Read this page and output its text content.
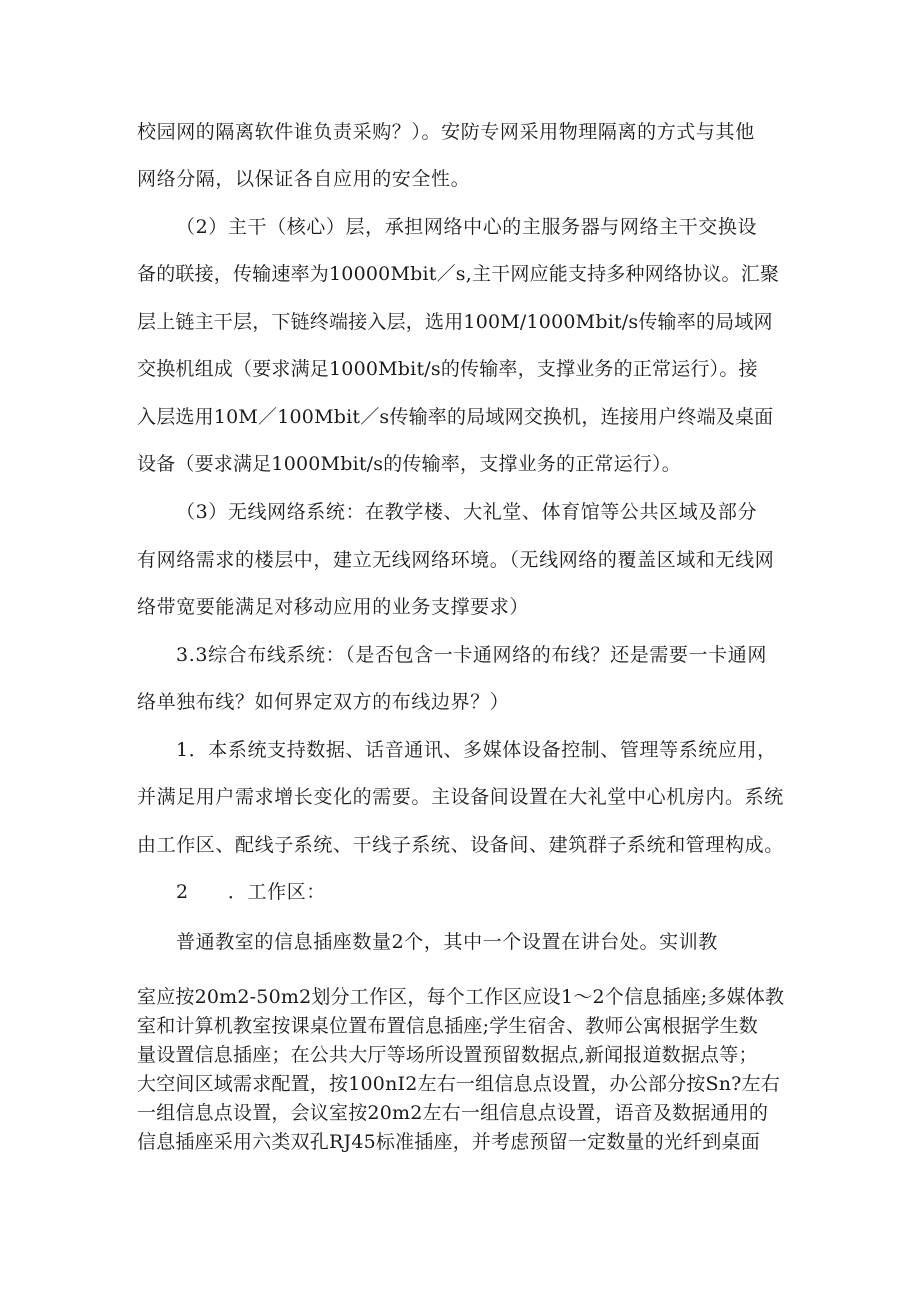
校园网的隔离软件谁负责采购？）。安防专网采用物理隔离的方式与其他
网络分隔，以保证各自应用的安全性。
（2）主干（核心）层，承担网络中心的主服务器与网络主干交换设
备的联接，传输速率为10000Mbit／s,主干网应能支持多种网络协议。汇聚
层上链主干层，下链终端接入层，选用100M/1000Mbit/s传输率的局域网
交换机组成（要求满足1000Mbit/s的传输率，支撑业务的正常运行）。接
入层选用10M／100Mbit／s传输率的局域网交换机，连接用户终端及桌面
设备（要求满足1000Mbit/s的传输率，支撑业务的正常运行）。
（3）无线网络系统：在教学楼、大礼堂、体育馆等公共区域及部分
有网络需求的楼层中，建立无线网络环境。（无线网络的覆盖区域和无线网
络带宽要能满足对移动应用的业务支撑要求）
3.3综合布线系统：（是否包含一卡通网络的布线？还是需要一卡通网
络单独布线？如何界定双方的布线边界？）
1．本系统支持数据、话音通讯、多媒体设备控制、管理等系统应用，
并满足用户需求增长变化的需要。主设备间设置在大礼堂中心机房内。系统
由工作区、配线子系统、干线子系统、设备间、建筑群子系统和管理构成。
2　　．工作区：
普通教室的信息插座数量2个，其中一个设置在讲台处。实训教
室应按20m2-50m2划分工作区，每个工作区应设1～2个信息插座;多媒体教
室和计算机教室按课桌位置布置信息插座;学生宿舍、教师公寓根据学生数
量设置信息插座；在公共大厅等场所设置预留数据点,新闻报道数据点等；
大空间区域需求配置，按100nI2左右一组信息点设置，办公部分按Sn?左右
一组信息点设置，会议室按20m2左右一组信息点设置，语音及数据通用的
信息插座采用六类双孔RJ45标准插座，并考虑预留一定数量的光纤到桌面
